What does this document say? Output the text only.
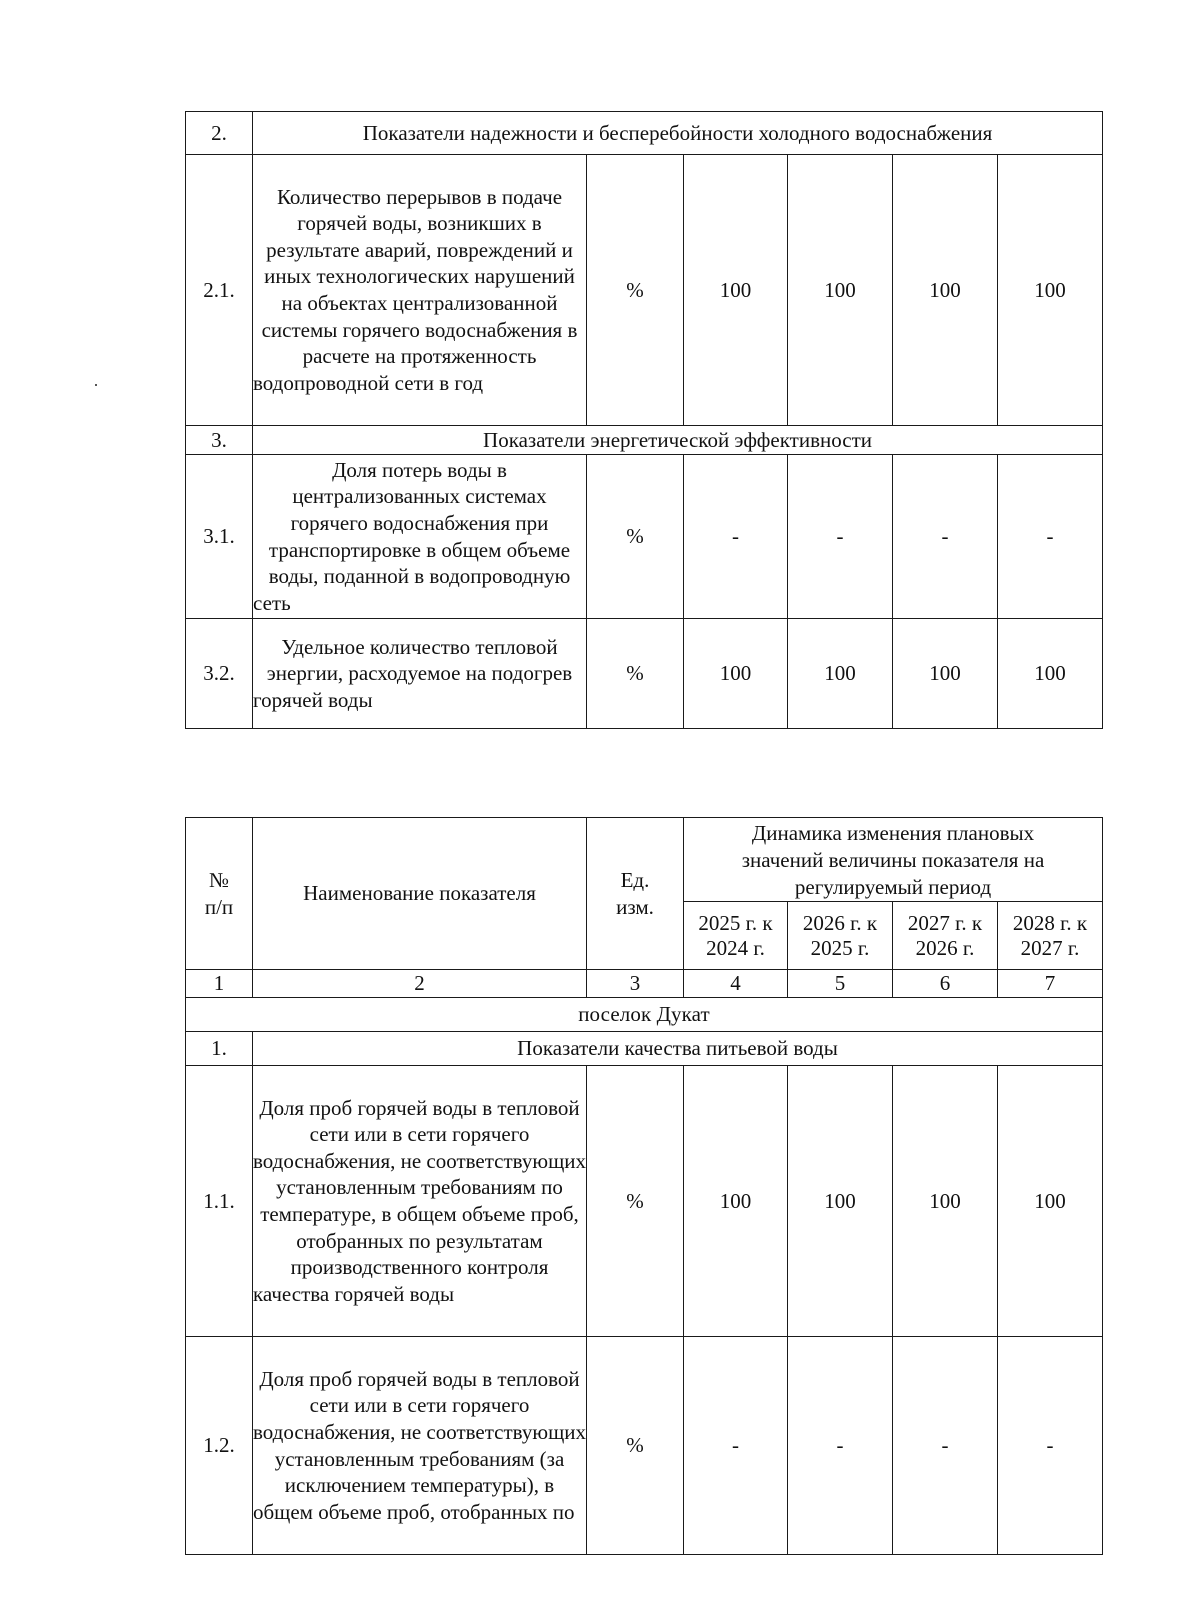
2.	Показатели надежности и бесперебойности холодного водоснабжения					
2.1.	Количество перерывов в подаче горячей воды, возникших в результате аварий, повреждений и иных технологических нарушений на объектах централизованной системы горячего водоснабжения в расчете на протяженность водопроводной сети в год	%	100	100	100	100
3.	Показатели энергетической эффективности					
3.1.	Доля потерь воды в централизованных системах горячего водоснабжения при транспортировке в общем объеме воды, поданной в водопроводную сеть	%	-	-	-	-
3.2.	Удельное количество тепловой энергии, расходуемое на подогрев горячей воды	%	100	100	100	100
№ п/п	Наименование показателя	Ед. изм.	Динамика изменения плановых значений величины показателя на регулируемый период			
			2025 г. к 2024 г.	2026 г. к 2025 г.	2027 г. к 2026 г.	2028 г. к 2027 г.
1	2	3	4	5	6	7
поселок Дукат						
1.	Показатели качества питьевой воды					
1.1.	Доля проб горячей воды в тепловой сети или в сети горячего водоснабжения, не соответствующих установленным требованиям по температуре, в общем объеме проб, отобранных по результатам производственного контроля качества горячей воды	%	100	100	100	100
1.2.	Доля проб горячей воды в тепловой сети или в сети горячего водоснабжения, не соответствующих установленным требованиям (за исключением температуры), в общем объеме проб, отобранных по	%	-	-	-	-
